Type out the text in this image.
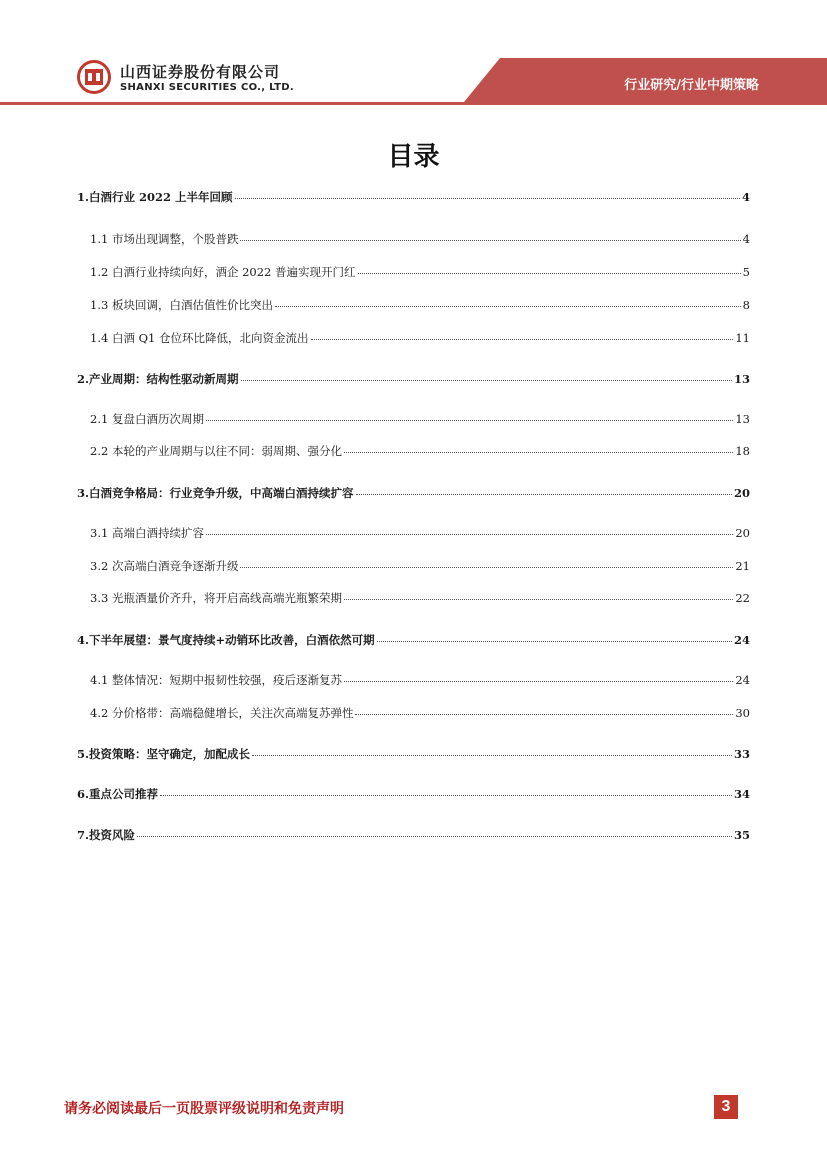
山西证券股份有限公司
SHANXI SECURITIES CO., LTD.	行业研究/行业中期策略
目录
1.白酒行业 2022 上半年回顾	4
1.1 市场出现调整，个股普跌	4
1.2 白酒行业持续向好，酒企 2022 普遍实现开门红	5
1.3 板块回调，白酒估值性价比突出	8
1.4 白酒 Q1 仓位环比降低，北向资金流出	11
2.产业周期：结构性驱动新周期	13
2.1 复盘白酒历次周期	13
2.2 本轮的产业周期与以往不同：弱周期、强分化	18
3.白酒竞争格局：行业竞争升级，中高端白酒持续扩容	20
3.1 高端白酒持续扩容	20
3.2 次高端白酒竞争逐渐升级	21
3.3 光瓶酒量价齐升，将开启高线高端光瓶繁荣期	22
4.下半年展望：景气度持续+动销环比改善，白酒依然可期	24
4.1 整体情况：短期中报韧性较强，疫后逐渐复苏	24
4.2 分价格带：高端稳健增长，关注次高端复苏弹性	30
5.投资策略：坚守确定，加配成长	33
6.重点公司推荐	34
7.投资风险	35
请务必阅读最后一页股票评级说明和免责声明	3
